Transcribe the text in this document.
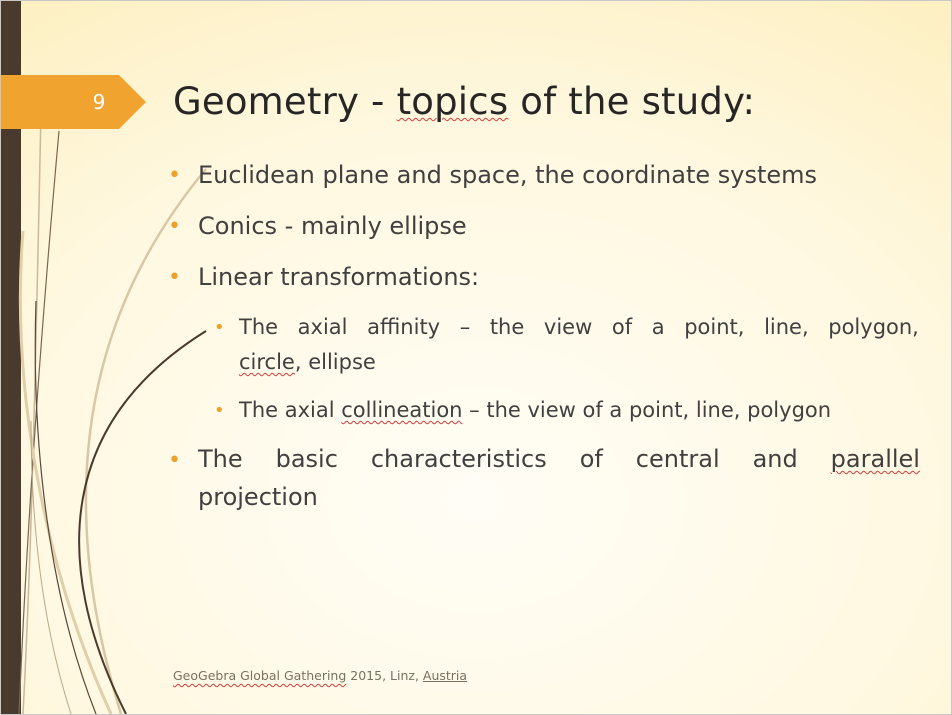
9	Geometry - topics of the study:
• Euclidean plane and space, the coordinate systems
• Conics - mainly ellipse
• Linear transformations:
• The axial affinity – the view of a point, line, polygon,
circle, ellipse
• The axial collineation – the view of a point, line, polygon
• The basic characteristics of central and parallel
projection
GeoGebra Global Gathering 2015, Linz, Austria
